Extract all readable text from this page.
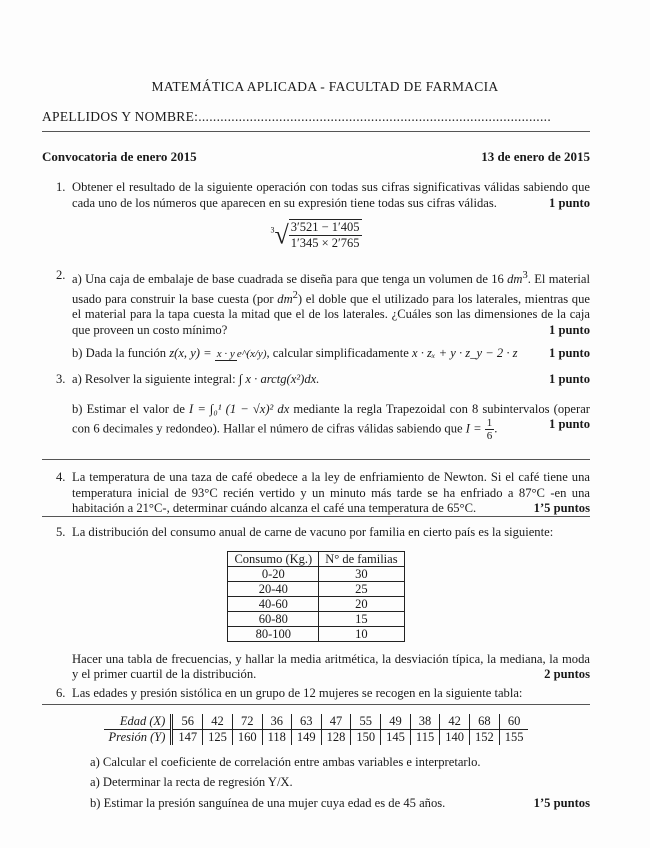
MATEMÁTICA APLICADA - FACULTAD DE FARMACIA
APELLIDOS Y NOMBRE:................................................................................................
Convocatoria de enero 2015	13 de enero de 2015
1. Obtener el resultado de la siguiente operación con todas sus cifras significativas válidas sabiendo que cada uno de los números que aparecen en su expresión tiene todas sus cifras válidas.	1 punto
$^3√ \frac{3'521 - 1'405}{1'345 \times 2'765}$
2. a) Una caja de embalaje de base cuadrada se diseña para que tenga un volumen de 16 $dm^3$. El material usado para construir la base cuesta (por $dm^2$) el doble que el utilizado para los laterales, mientras que el material para la tapa cuesta la mitad que el de los laterales. ¿Cuáles son las dimensiones de la caja que proveen un costo mínimo?	1 punto
b) Dada la función z(x, y) = x · y e^(x/y), calcular simplificadamente x · zₓ + y · z_y − 2 · z	1 punto
3. a) Resolver la siguiente integral: ∫ x · arctg(x²)dx.	1 punto
b) Estimar el valor de I = ∫₀¹ (1 − √x)² dx mediante la regla Trapezoidal con 8 subintervalos (operar con 6 decimales y redondeo). Hallar el número de cifras válidas sabiendo que $I = \frac{1}{6}$ .	1 punto
4. La temperatura de una taza de café obedece a la ley de enfriamiento de Newton. Si el café tiene una temperatura inicial de 93°C recién vertido y un minuto más tarde se ha enfriado a 87°C -en una habitación a 21°C-, determinar cuándo alcanza el café una temperatura de 65°C.	1’5 puntos
5. La distribución del consumo anual de carne de vacuno por familia en cierto país es la siguiente:
Consumo (Kg.)	N° de familias
0-20	30
20-40	25
40-60	20
60-80	15
80-100	10
Hacer una tabla de frecuencias, y hallar la media aritmética, la desviación típica, la mediana, la moda y el primer cuartil de la distribución.	2 puntos
6. Las edades y presión sistólica en un grupo de 12 mujeres se recogen en la siguiente tabla:
Edad (X)	56	42	72	36	63	47	55	49	38	42	68	60
Presión (Y)	147	125	160	118	149	128	150	145	115	140	152	155
a) Calcular el coeficiente de correlación entre ambas variables e interpretarlo.
a) Determinar la recta de regresión Y/X.
b) Estimar la presión sanguínea de una mujer cuya edad es de 45 años.	1’5 puntos
